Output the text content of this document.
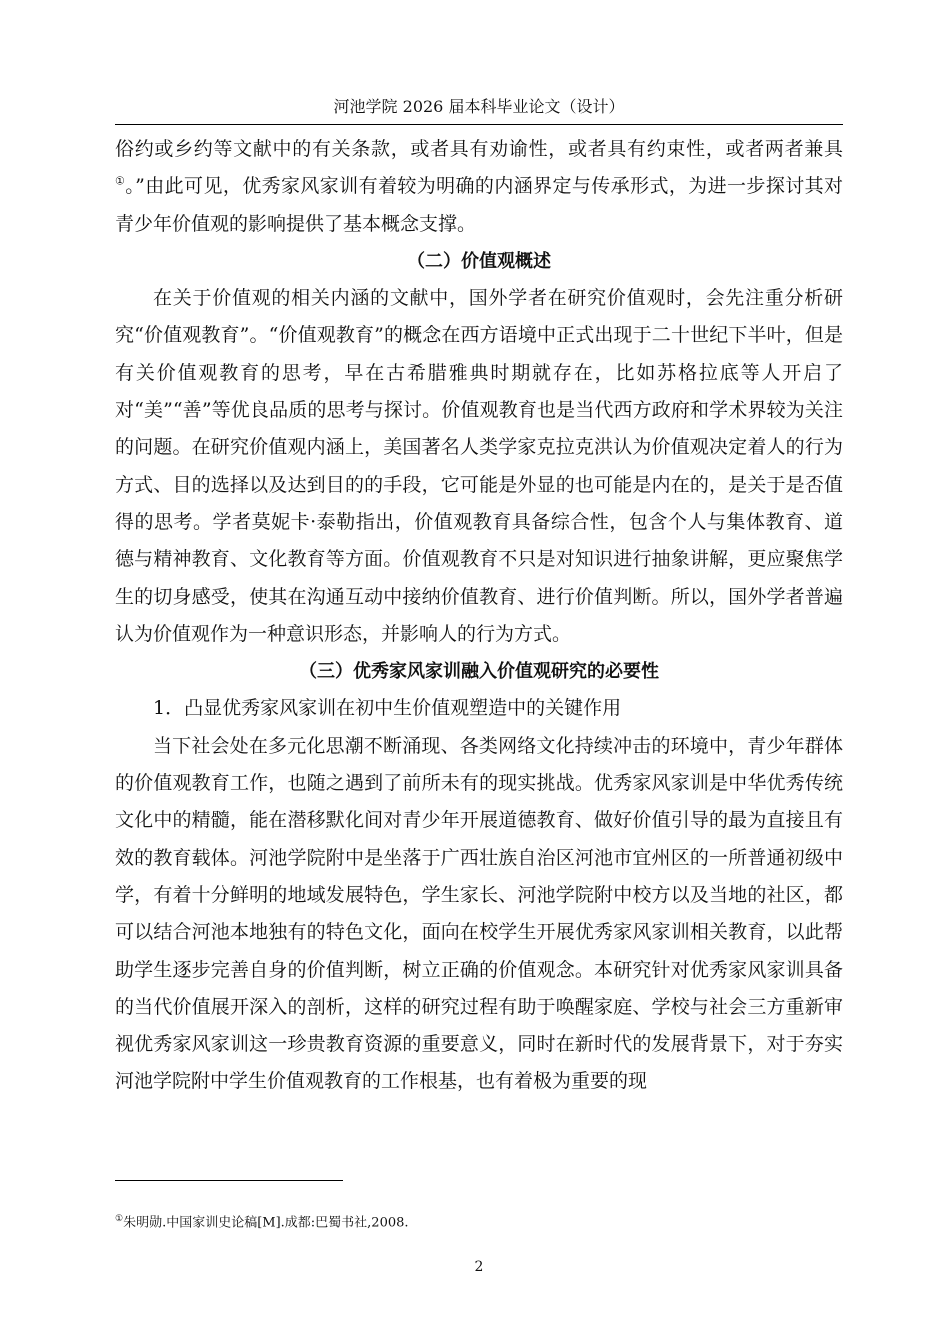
河池学院 2026 届本科毕业论文（设计）

俗约或乡约等文献中的有关条款，或者具有劝谕性，或者具有约束性，或者两者兼具①。”由此可见，优秀家风家训有着较为明确的内涵界定与传承形式，为进一步探讨其对青少年价值观的影响提供了基本概念支撑。

（二）价值观概述

在关于价值观的相关内涵的文献中，国外学者在研究价值观时，会先注重分析研究“价值观教育”。“价值观教育”的概念在西方语境中正式出现于二十世纪下半叶，但是有关价值观教育的思考，早在古希腊雅典时期就存在，比如苏格拉底等人开启了对“美”“善”等优良品质的思考与探讨。价值观教育也是当代西方政府和学术界较为关注的问题。在研究价值观内涵上，美国著名人类学家克拉克洪认为价值观决定着人的行为方式、目的选择以及达到目的的手段，它可能是外显的也可能是内在的，是关于是否值得的思考。学者莫妮卡·泰勒指出，价值观教育具备综合性，包含个人与集体教育、道德与精神教育、文化教育等方面。价值观教育不只是对知识进行抽象讲解，更应聚焦学生的切身感受，使其在沟通互动中接纳价值教育、进行价值判断。所以，国外学者普遍认为价值观作为一种意识形态，并影响人的行为方式。

（三）优秀家风家训融入价值观研究的必要性

1．凸显优秀家风家训在初中生价值观塑造中的关键作用

当下社会处在多元化思潮不断涌现、各类网络文化持续冲击的环境中，青少年群体的价值观教育工作，也随之遇到了前所未有的现实挑战。优秀家风家训是中华优秀传统文化中的精髓，能在潜移默化间对青少年开展道德教育、做好价值引导的最为直接且有效的教育载体。河池学院附中是坐落于广西壮族自治区河池市宜州区的一所普通初级中学，有着十分鲜明的地域发展特色，学生家长、河池学院附中校方以及当地的社区，都可以结合河池本地独有的特色文化，面向在校学生开展优秀家风家训相关教育，以此帮助学生逐步完善自身的价值判断，树立正确的价值观念。本研究针对优秀家风家训具备的当代价值展开深入的剖析，这样的研究过程有助于唤醒家庭、学校与社会三方重新审视优秀家风家训这一珍贵教育资源的重要意义，同时在新时代的发展背景下，对于夯实河池学院附中学生价值观教育的工作根基，也有着极为重要的现

①朱明勋.中国家训史论稿[M].成都:巴蜀书社,2008.
2
